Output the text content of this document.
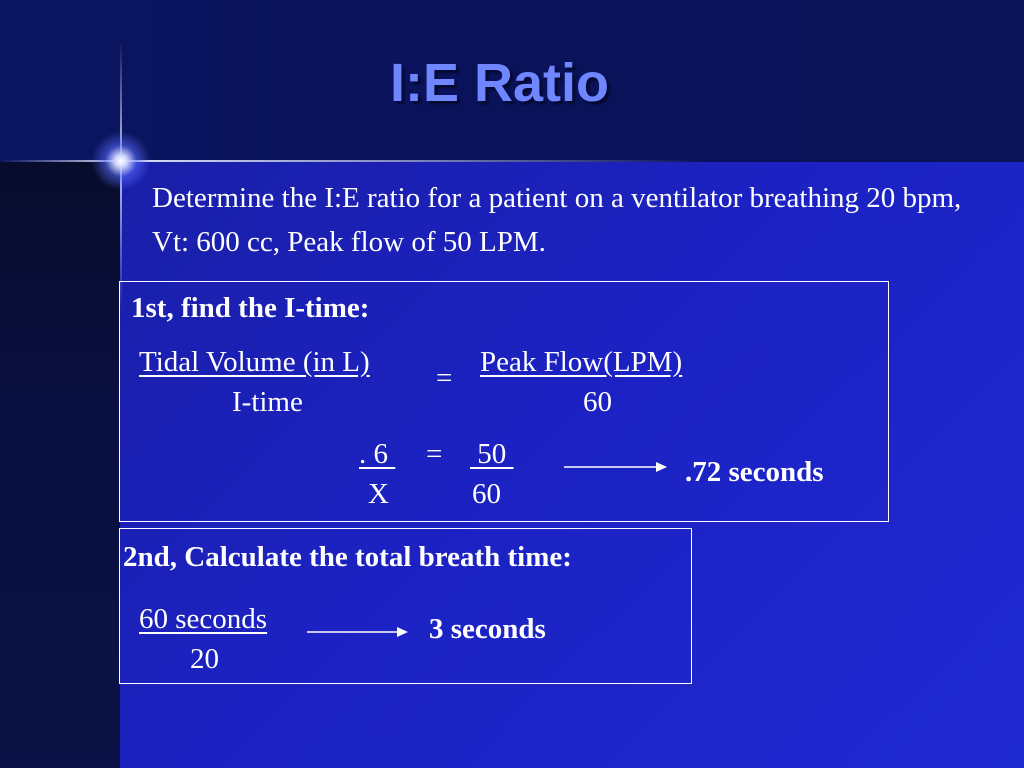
I:E Ratio

Determine the I:E ratio for a patient on a ventilator breathing 20 bpm, Vt: 600 cc, Peak flow of 50 LPM.

1st, find the I-time:
Tidal Volume (in L)
I-time
= Peak Flow(LPM)
60
. 6
X
= 50
60
.72 seconds
2nd, Calculate the total breath time:
60 seconds
20
3 seconds
